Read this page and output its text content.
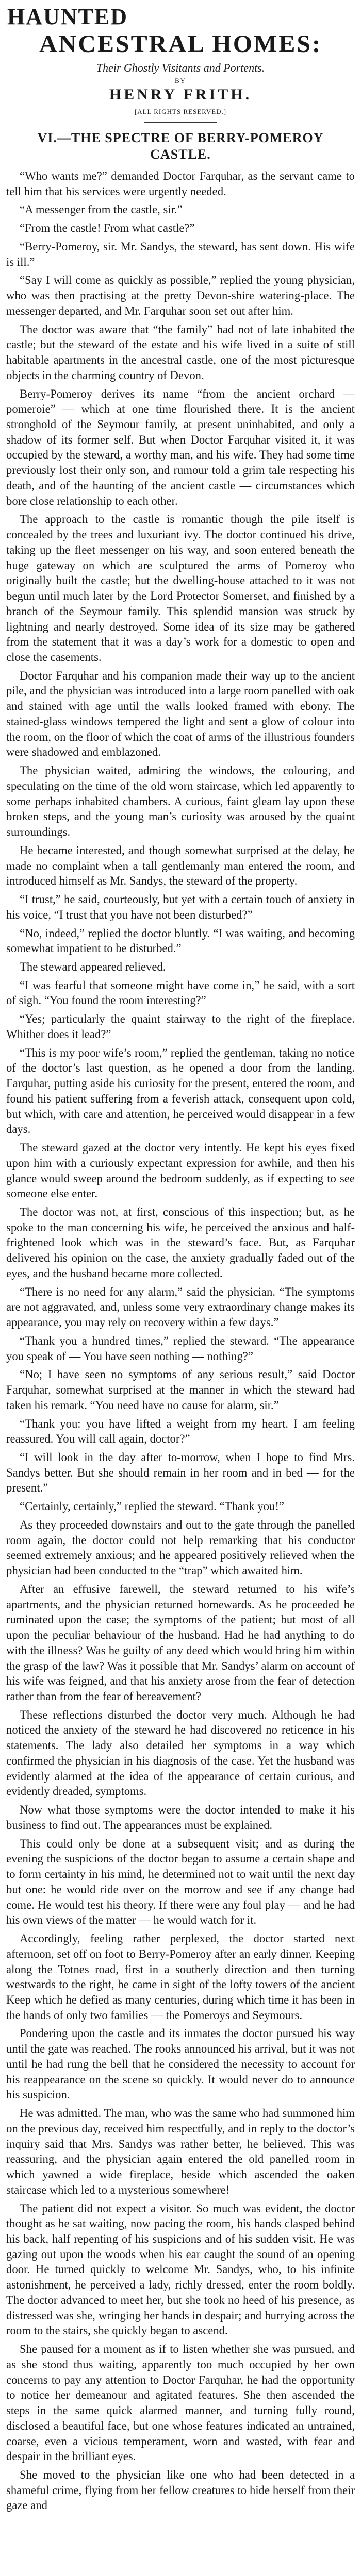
HAUNTED
ANCESTRAL HOMES:
Their Ghostly Visitants and Portents.
BY
HENRY FRITH.
[ALL RIGHTS RESERVED.]
VI.—THE SPECTRE OF BERRY-POMEROY CASTLE.

“Who wants me?” demanded Doctor Farquhar, as the servant came to tell him that his services were urgently needed.

“A messenger from the castle, sir.”

“From the castle! From what castle?”

“Berry-Pomeroy, sir. Mr. Sandys, the steward, has sent down. His wife is ill.”

“Say I will come as quickly as possible,” replied the young physician, who was then practising at the pretty Devon-shire watering-place. The messenger departed, and Mr. Farquhar soon set out after him.

The doctor was aware that “the family” had not of late inhabited the castle; but the steward of the estate and his wife lived in a suite of still habitable apartments in the ancestral castle, one of the most picturesque objects in the charming country of Devon.

Berry-Pomeroy derives its name “from the ancient orchard — pomeroie” — which at one time flourished there. It is the ancient stronghold of the Seymour family, at present uninhabited, and only a shadow of its former self. But when Doctor Farquhar visited it, it was occupied by the steward, a worthy man, and his wife. They had some time previously lost their only son, and rumour told a grim tale respecting his death, and of the haunting of the ancient castle — circumstances which bore close relationship to each other.

The approach to the castle is romantic though the pile itself is concealed by the trees and luxuriant ivy. The doctor continued his drive, taking up the fleet messenger on his way, and soon entered beneath the huge gateway on which are sculptured the arms of Pomeroy who originally built the castle; but the dwelling-house attached to it was not begun until much later by the Lord Protector Somerset, and finished by a branch of the Seymour family. This splendid mansion was struck by lightning and nearly destroyed. Some idea of its size may be gathered from the statement that it was a day’s work for a domestic to open and close the casements.

Doctor Farquhar and his companion made their way up to the ancient pile, and the physician was introduced into a large room panelled with oak and stained with age until the walls looked framed with ebony. The stained-glass windows tempered the light and sent a glow of colour into the room, on the floor of which the coat of arms of the illustrious founders were shadowed and emblazoned.

The physician waited, admiring the windows, the colouring, and speculating on the time of the old worn staircase, which led apparently to some perhaps inhabited chambers. A curious, faint gleam lay upon these broken steps, and the young man’s curiosity was aroused by the quaint surroundings.

He became interested, and though somewhat surprised at the delay, he made no complaint when a tall gentlemanly man entered the room, and introduced himself as Mr. Sandys, the steward of the property.

“I trust,” he said, courteously, but yet with a certain touch of anxiety in his voice, “I trust that you have not been disturbed?”

“No, indeed,” replied the doctor bluntly. “I was waiting, and becoming somewhat impatient to be disturbed.”

The steward appeared relieved.

“I was fearful that someone might have come in,” he said, with a sort of sigh. “You found the room interesting?”

“Yes; particularly the quaint stairway to the right of the fireplace. Whither does it lead?”

“This is my poor wife’s room,” replied the gentleman, taking no notice of the doctor’s last question, as he opened a door from the landing. Farquhar, putting aside his curiosity for the present, entered the room, and found his patient suffering from a feverish attack, consequent upon cold, but which, with care and attention, he perceived would disappear in a few days.

The steward gazed at the doctor very intently. He kept his eyes fixed upon him with a curiously expectant expression for awhile, and then his glance would sweep around the bedroom suddenly, as if expecting to see someone else enter.

The doctor was not, at first, conscious of this inspection; but, as he spoke to the man concerning his wife, he perceived the anxious and half-frightened look which was in the steward’s face. But, as Farquhar delivered his opinion on the case, the anxiety gradually faded out of the eyes, and the husband became more collected.

“There is no need for any alarm,” said the physician. “The symptoms are not aggravated, and, unless some very extraordinary change makes its appearance, you may rely on recovery within a few days.”

“Thank you a hundred times,” replied the steward. “The appearance you speak of — You have seen nothing — nothing?”

“No; I have seen no symptoms of any serious result,” said Doctor Farquhar, somewhat surprised at the manner in which the steward had taken his remark. “You need have no cause for alarm, sir.”

“Thank you: you have lifted a weight from my heart. I am feeling reassured. You will call again, doctor?”

“I will look in the day after to-morrow, when I hope to find Mrs. Sandys better. But she should remain in her room and in bed — for the present.”

“Certainly, certainly,” replied the steward. “Thank you!”

As they proceeded downstairs and out to the gate through the panelled room again, the doctor could not help remarking that his conductor seemed extremely anxious; and he appeared positively relieved when the physician had been conducted to the “trap” which awaited him.

After an effusive farewell, the steward returned to his wife’s apartments, and the physician returned homewards. As he proceeded he ruminated upon the case; the symptoms of the patient; but most of all upon the peculiar behaviour of the husband. Had he had anything to do with the illness? Was he guilty of any deed which would bring him within the grasp of the law? Was it possible that Mr. Sandys’ alarm on account of his wife was feigned, and that his anxiety arose from the fear of detection rather than from the fear of bereavement?

These reflections disturbed the doctor very much. Although he had noticed the anxiety of the steward he had discovered no reticence in his statements. The lady also detailed her symptoms in a way which confirmed the physician in his diagnosis of the case. Yet the husband was evidently alarmed at the idea of the appearance of certain curious, and evidently dreaded, symptoms.

Now what those symptoms were the doctor intended to make it his business to find out. The appearances must be explained.

This could only be done at a subsequent visit; and as during the evening the suspicions of the doctor began to assume a certain shape and to form certainty in his mind, he determined not to wait until the next day but one: he would ride over on the morrow and see if any change had come. He would test his theory. If there were any foul play — and he had his own views of the matter — he would watch for it.

Accordingly, feeling rather perplexed, the doctor started next afternoon, set off on foot to Berry-Pomeroy after an early dinner. Keeping along the Totnes road, first in a southerly direction and then turning westwards to the right, he came in sight of the lofty towers of the ancient Keep which he defied as many centuries, during which time it has been in the hands of only two families — the Pomeroys and Seymours.

Pondering upon the castle and its inmates the doctor pursued his way until the gate was reached. The rooks announced his arrival, but it was not until he had rung the bell that he considered the necessity to account for his reappearance on the scene so quickly. It would never do to announce his suspicion.

He was admitted. The man, who was the same who had summoned him on the previous day, received him respectfully, and in reply to the doctor’s inquiry said that Mrs. Sandys was rather better, he believed. This was reassuring, and the physician again entered the old panelled room in which yawned a wide fireplace, beside which ascended the oaken staircase which led to a mysterious somewhere!

The patient did not expect a visitor. So much was evident, the doctor thought as he sat waiting, now pacing the room, his hands clasped behind his back, half repenting of his suspicions and of his sudden visit. He was gazing out upon the woods when his ear caught the sound of an opening door. He turned quickly to welcome Mr. Sandys, who, to his infinite astonishment, he perceived a lady, richly dressed, enter the room boldly. The doctor advanced to meet her, but she took no heed of his presence, as distressed was she, wringing her hands in despair; and hurrying across the room to the stairs, she quickly began to ascend.

She paused for a moment as if to listen whether she was pursued, and as she stood thus waiting, apparently too much occupied by her own concerns to pay any attention to Doctor Farquhar, he had the opportunity to notice her demeanour and agitated features. She then ascended the steps in the same quick alarmed manner, and turning fully round, disclosed a beautiful face, but one whose features indicated an untrained, coarse, even a vicious temperament, worn and wasted, with fear and despair in the brilliant eyes.

She moved to the physician like one who had been detected in a shameful crime, flying from her fellow creatures to hide herself from their gaze and
